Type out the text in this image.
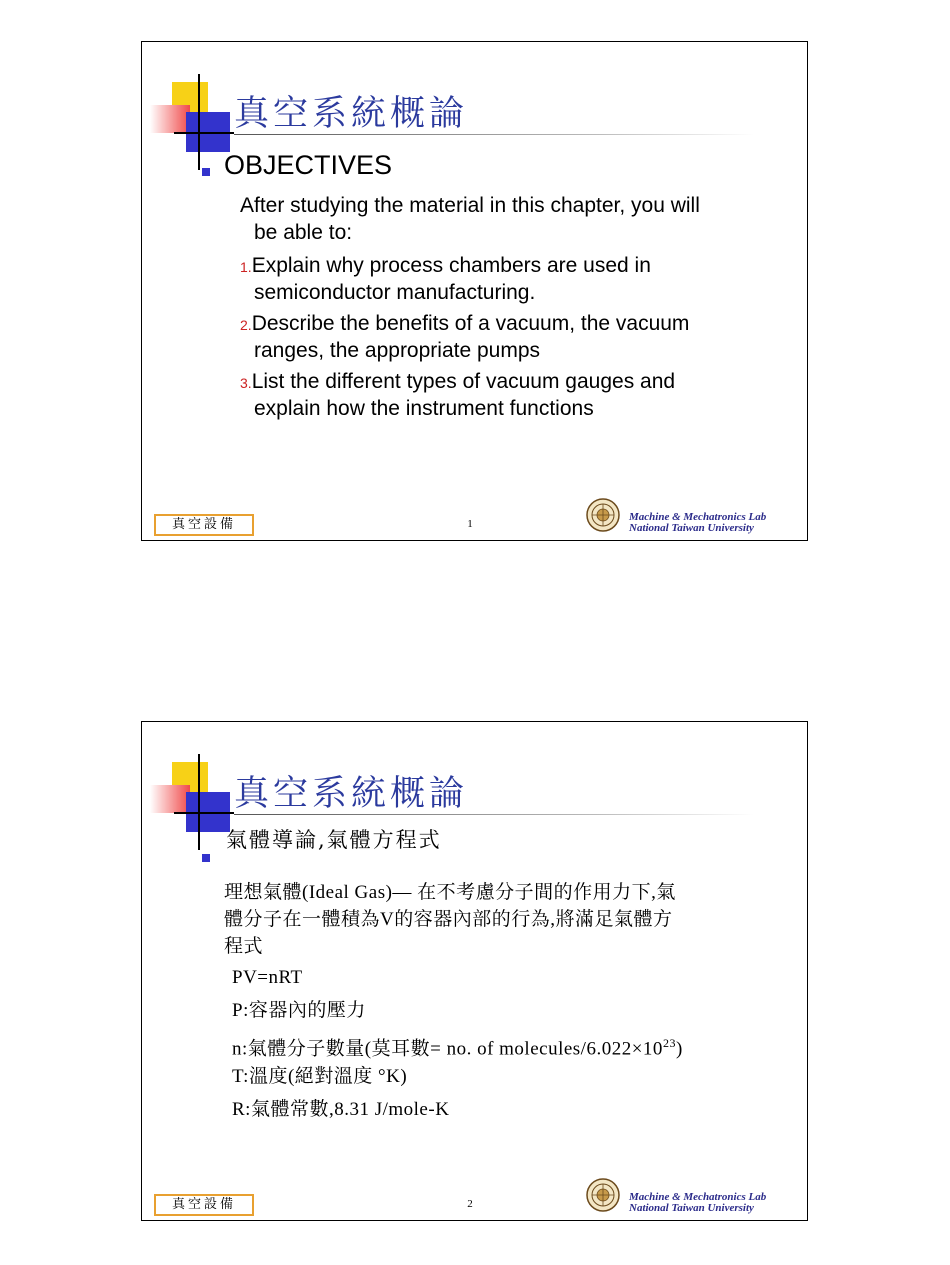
真空系統概論
OBJECTIVES
After studying the material in this chapter, you will
be able to:
1.Explain why process chambers are used in
semiconductor manufacturing.
2.Describe the benefits of a vacuum, the vacuum
ranges, the appropriate pumps
3.List the different types of vacuum gauges and
explain how the instrument functions
真空設備	1
Machine & Mechatronics Lab
National Taiwan University
真空系統概論
氣體導論,氣體方程式
理想氣體(Ideal Gas)— 在不考慮分子間的作用力下,氣
體分子在一體積為V的容器內部的行為,將滿足氣體方
程式
PV=nRT
P:容器內的壓力
n:氣體分子數量(莫耳數= no. of molecules/$6.022\times 10^{23}$)
T:溫度(絕對溫度 °K)
R:氣體常數,8.31 J/mole-K
真空設備	2
Machine & Mechatronics Lab
National Taiwan University
